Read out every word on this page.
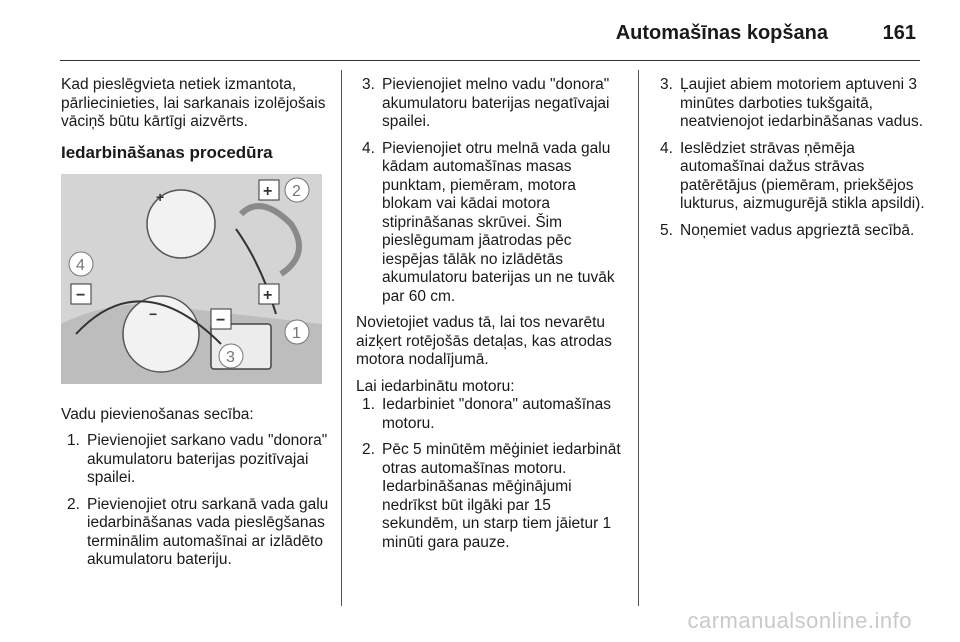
Automašīnas kopšana	161

Kad pieslēgvieta netiek izmantota, pārliecinieties, lai sarkanais izolējošais vāciņš būtu kārtīgi aizvērts.

Iedarbināšanas procedūra

+	+
+
−
−	−
2
1
3
4

Vadu pievienošanas secība:

1. Pievienojiet sarkano vadu "donora" akumulatoru baterijas pozitīvajai spailei.
2. Pievienojiet otru sarkanā vada galu iedarbināšanas vada pieslēgšanas terminālim automašīnai ar izlādēto akumulatoru bateriju.
3. Pievienojiet melno vadu "donora" akumulatoru baterijas negatīvajai spailei.
4. Pievienojiet otru melnā vada galu kādam automašīnas masas punktam, piemēram, motora blokam vai kādai motora stiprināšanas skrūvei. Šim pieslēgumam jāatrodas pēc iespējas tālāk no izlādētās akumulatoru baterijas un ne tuvāk par 60 cm.

Novietojiet vadus tā, lai tos nevarētu aizķert rotējošās detaļas, kas atrodas motora nodalījumā.

Lai iedarbinātu motoru:

1. Iedarbiniet "donora" automašīnas motoru.
2. Pēc 5 minūtēm mēģiniet iedarbināt otras automašīnas motoru. Iedarbināšanas mēģinājumi nedrīkst būt ilgāki par 15 sekundēm, un starp tiem jāietur 1 minūti gara pauze.
3. Ļaujiet abiem motoriem aptuveni 3 minūtes darboties tukšgaitā, neatvienojot iedarbināšanas vadus.
4. Ieslēdziet strāvas ņēmēja automašīnai dažus strāvas patērētājus (piemēram, priekšējos lukturus, aizmugurējā stikla apsildi).
5. Noņemiet vadus apgrieztā secībā.
carmanualsonline.info
